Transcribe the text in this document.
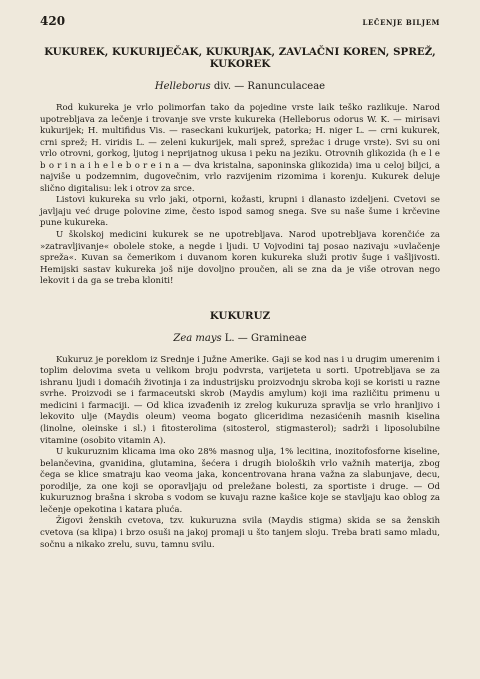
420	LEČENJE BILJEM
KUKUREK, KUKURIJEČAK, KUKURJAK, ZAVLAČNI KOREN, SPREŽ, KUKOREK
Helleborus div. — Ranunculaceae

Rod kukureka je vrlo polimorfan tako da pojedine vrste laik teško razlikuje. Narod upotrebljava za lečenje i trovanje sve vrste kukureka (Helleborus odorus W. K. — mirisavi kukurijek; H. multifidus Vis. — raseckani kukurijek, patorka; H. niger L. — crni kukurek, crni sprež; H. viridis L. — zeleni kukurijek, mali sprež, sprežac i druge vrste). Svi su oni vrlo otrovni, gorkog, ljutog i neprijatnog ukusa i peku na jeziku. Otrovnih glikozida (h e l e b o r i n a i h e l e b o r e i n a — dva kristalna, saponinska glikozida) ima u celoj biljci, a najviše u podzemnim, dugovečnim, vrlo razvijenim rizomima i korenju. Kukurek deluje slično digitalisu: lek i otrov za srce.

Listovi kukureka su vrlo jaki, otporni, kožasti, krupni i dlanasto izdeljeni. Cvetovi se javljaju već druge polovine zime, često ispod samog snega. Sve su naše šume i krčevine pune kukureka.

U školskoj medicini kukurek se ne upotrebljava. Narod upotrebljava korenčiće za »zatravljivanje« obolele stoke, a negde i ljudi. U Vojvodini taj posao nazivaju »uvlačenje spreža«. Kuvan sa čemerikom i duvanom koren kukureka služi protiv šuge i vašljivosti. Hemijski sastav kukureka još nije dovoljno proučen, ali se zna da je više otrovan nego lekovit i da ga se treba kloniti!

KUKURUZ
Zea mays L. — Gramineae

Kukuruz je poreklom iz Srednje i Južne Amerike. Gaji se kod nas i u drugim umerenim i toplim delovima sveta u velikom broju podvrsta, varijeteta u sorti. Upotrebljava se za ishranu ljudi i domaćih životinja i za industrijsku proizvodnju skroba koji se koristi u razne svrhe. Proizvodi se i farmaceutski skrob (Maydis amylum) koji ima različitu primenu u medicini i farmaciji. — Od klica izvađenih iz zrelog kukuruza spravlja se vrlo hranljivo i lekovito ulje (Maydis oleum) veoma bogato gliceridima nezasićenih masnih kiselina (linolne, oleinske i sl.) i fitosterolima (sitosterol, stigmasterol); sadrži i liposolubilne vitamine (osobito vitamin A).

U kukuruznim klicama ima oko 28% masnog ulja, 1% lecitina, inozitofosforne kiseline, belančevina, gvanidina, glutamina, šećera i drugih bioloških vrlo važnih materija, zbog čega se klice smatraju kao veoma jaka, koncentrovana hrana važna za slabunjave, decu, porodilje, za one koji se oporavljaju od preležane bolesti, za sportiste i druge. — Od kukuruznog brašna i skroba s vodom se kuvaju razne kašice koje se stavljaju kao oblog za lečenje opekotina i katara pluća.

Žigovi ženskih cvetova, tzv. kukuruzna svila (Maydis stigma) skida se sa ženskih cvetova (sa klipa) i brzo osuši na jakoj promaji u što tanjem sloju. Treba brati samo mladu, sočnu a nikako zrelu, suvu, tamnu svilu.
